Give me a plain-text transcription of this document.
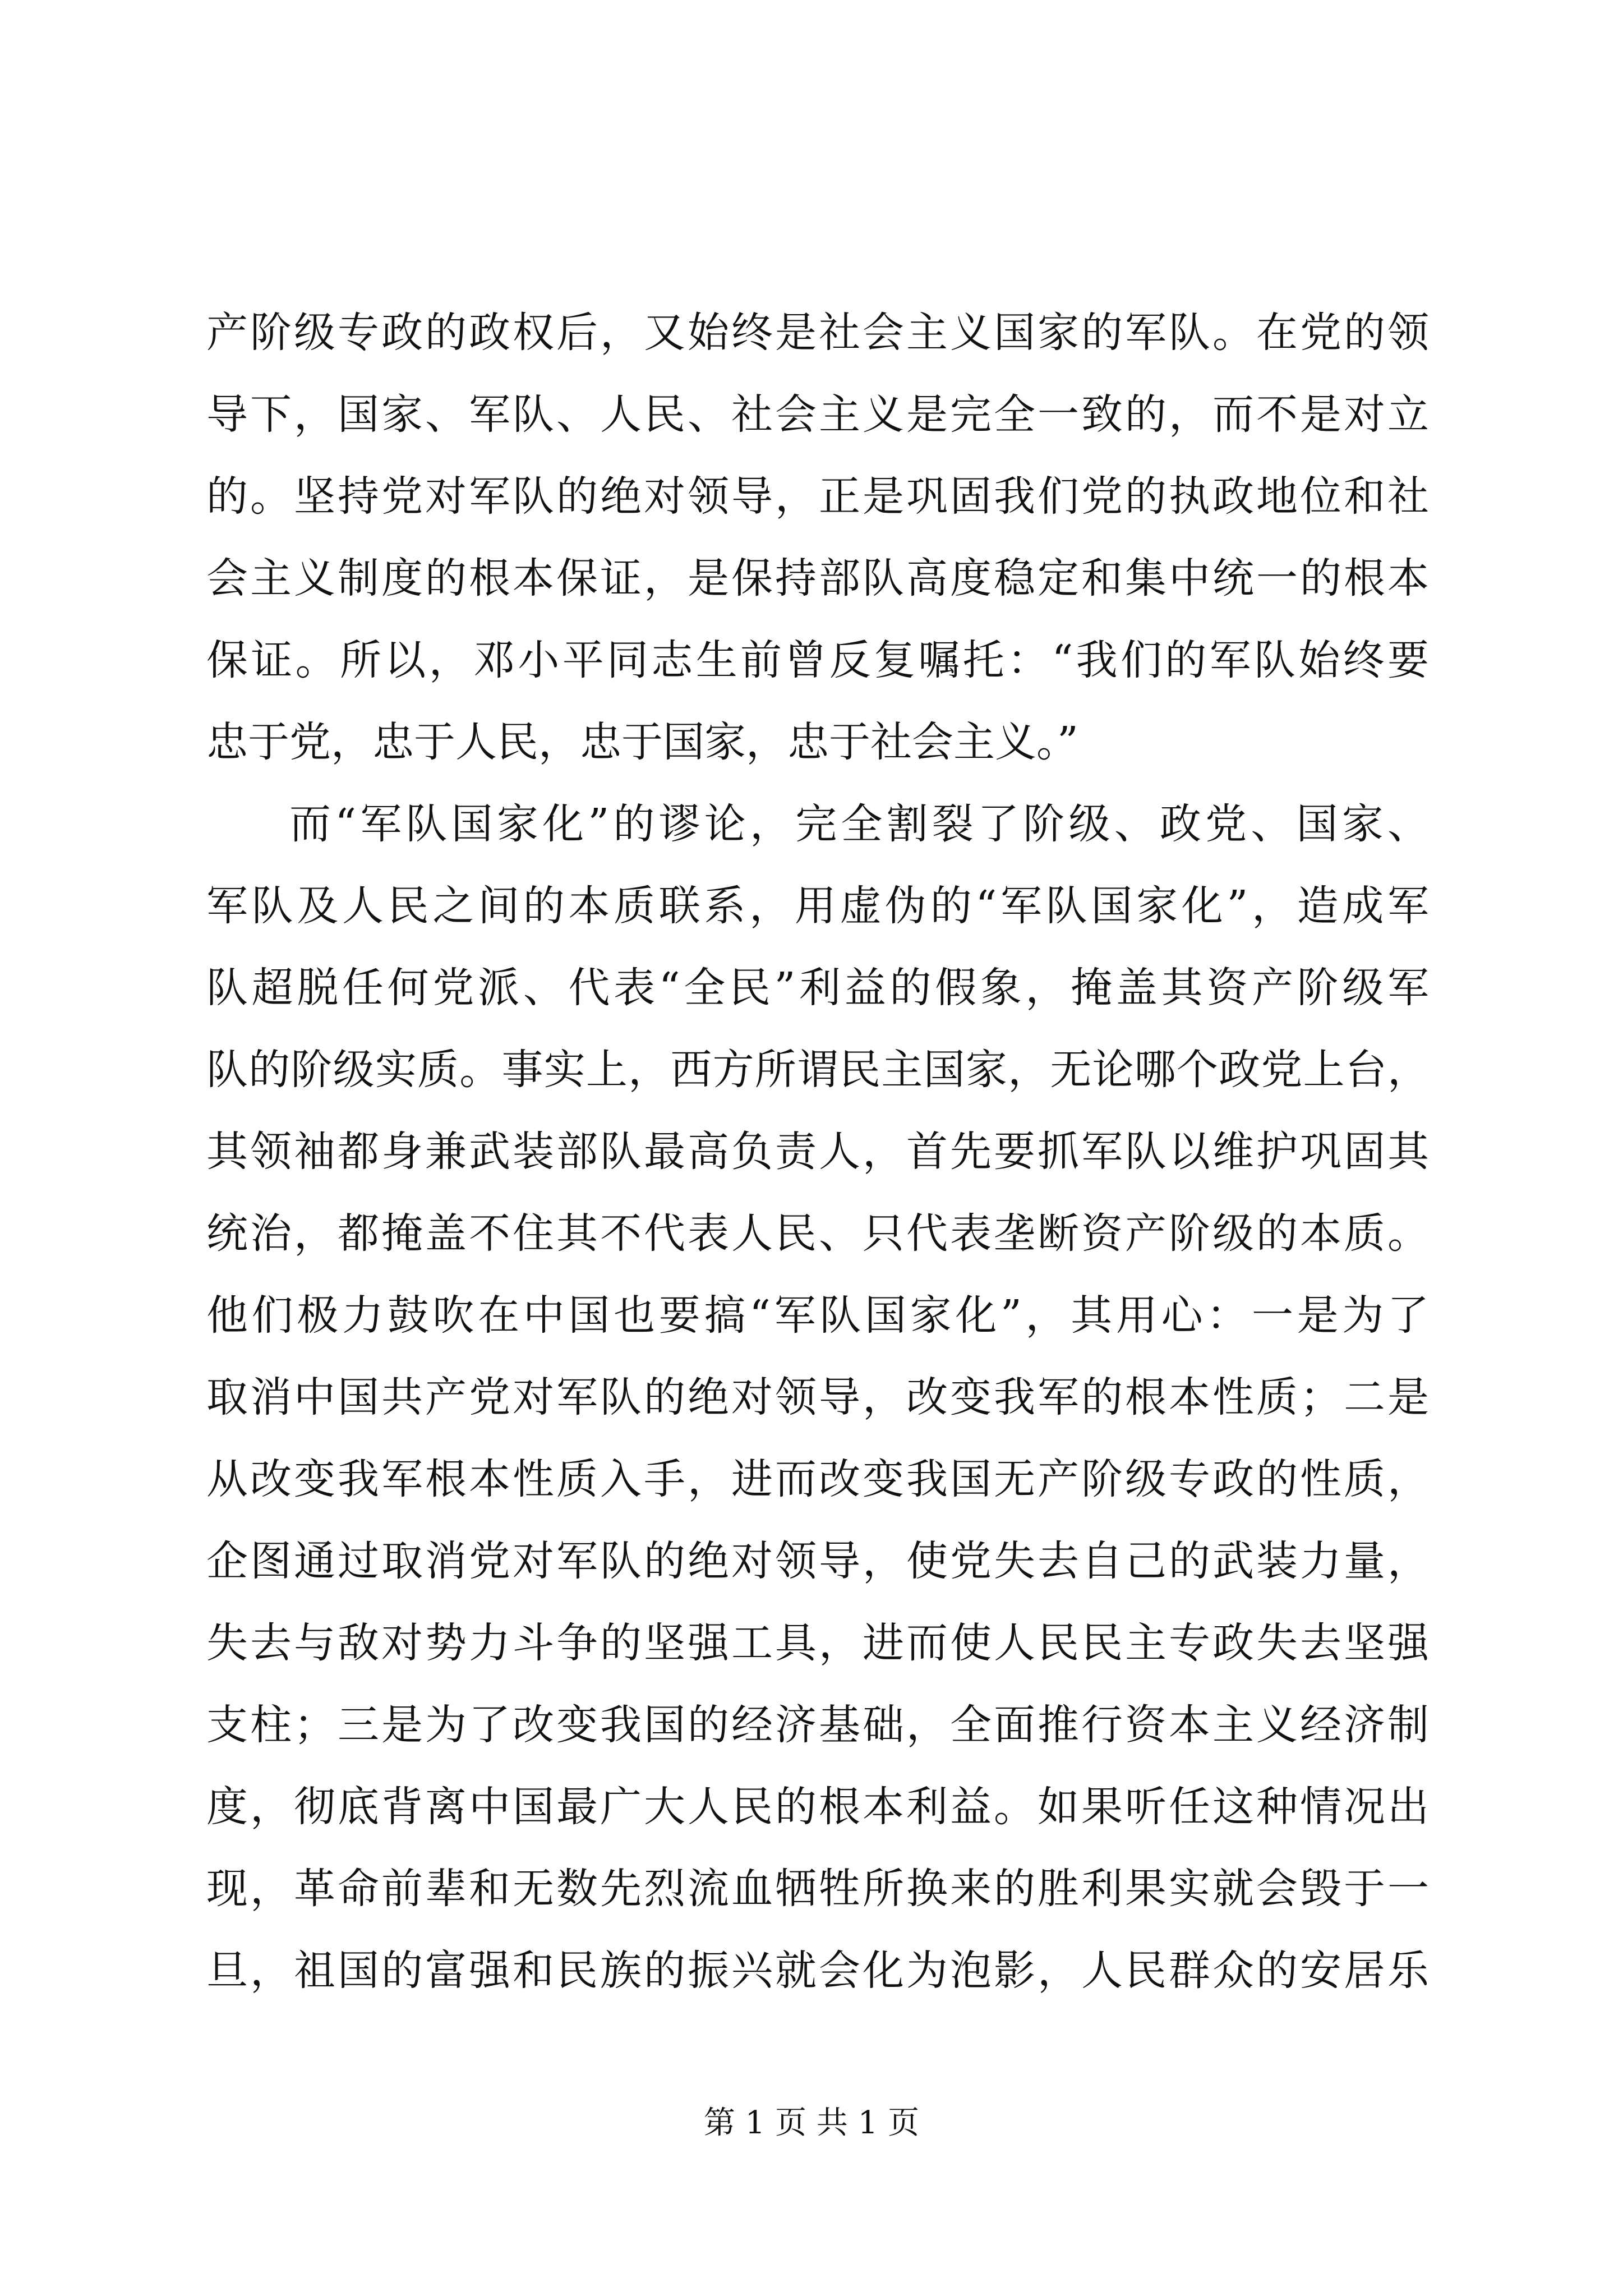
产阶级专政的政权后，又始终是社会主义国家的军队。在党的领
导下，国家、军队、人民、社会主义是完全一致的，而不是对立
的。坚持党对军队的绝对领导，正是巩固我们党的执政地位和社
会主义制度的根本保证，是保持部队高度稳定和集中统一的根本
保证。所以，邓小平同志生前曾反复嘱托：“我们的军队始终要
忠于党，忠于人民，忠于国家，忠于社会主义。”
而“军队国家化”的谬论，完全割裂了阶级、政党、国家、
军队及人民之间的本质联系，用虚伪的“军队国家化”，造成军
队超脱任何党派、代表“全民”利益的假象，掩盖其资产阶级军
队的阶级实质。事实上，西方所谓民主国家，无论哪个政党上台，
其领袖都身兼武装部队最高负责人，首先要抓军队以维护巩固其
统治，都掩盖不住其不代表人民、只代表垄断资产阶级的本质。
他们极力鼓吹在中国也要搞“军队国家化”，其用心：一是为了
取消中国共产党对军队的绝对领导，改变我军的根本性质；二是
从改变我军根本性质入手，进而改变我国无产阶级专政的性质，
企图通过取消党对军队的绝对领导，使党失去自己的武装力量，
失去与敌对势力斗争的坚强工具，进而使人民民主专政失去坚强
支柱；三是为了改变我国的经济基础，全面推行资本主义经济制
度，彻底背离中国最广大人民的根本利益。如果听任这种情况出
现，革命前辈和无数先烈流血牺牲所换来的胜利果实就会毁于一
旦，祖国的富强和民族的振兴就会化为泡影，人民群众的安居乐
第 1 页 共 1 页
